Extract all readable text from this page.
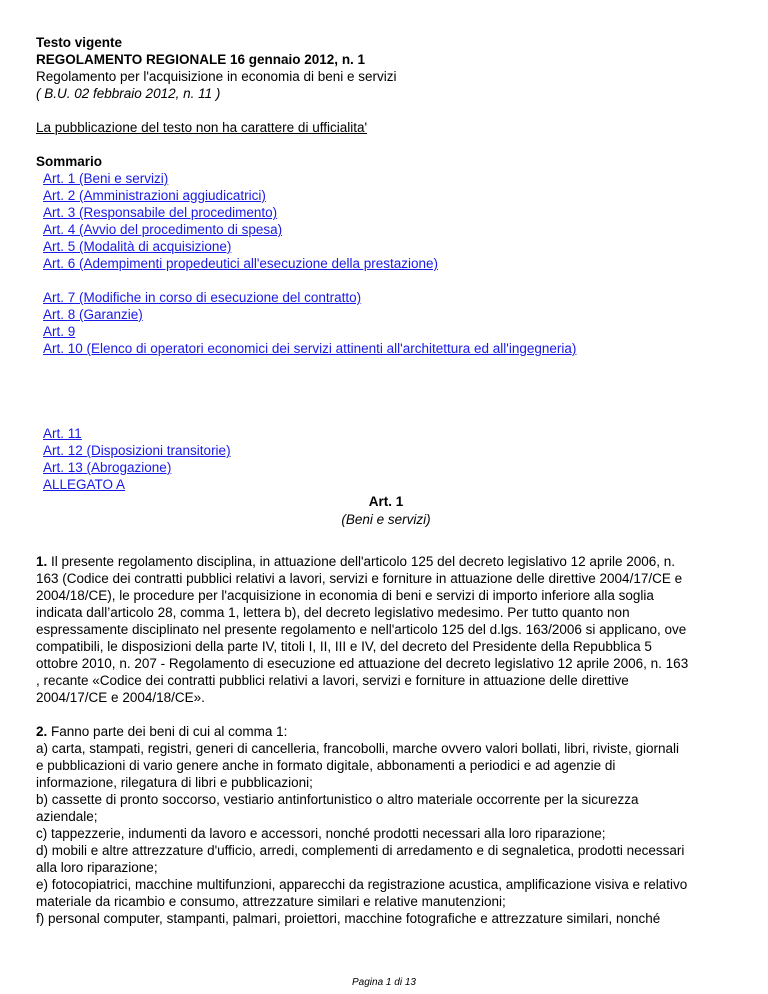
Testo vigente
REGOLAMENTO REGIONALE 16 gennaio 2012, n. 1
Regolamento per l'acquisizione in economia di beni e servizi
( B.U. 02 febbraio 2012, n. 11 )
La pubblicazione del testo non ha carattere di ufficialita'
Sommario
Art. 1 (Beni e servizi)
Art. 2 (Amministrazioni aggiudicatrici)
Art. 3 (Responsabile del procedimento)
Art. 4 (Avvio del procedimento di spesa)
Art. 5 (Modalità di acquisizione)
Art. 6 (Adempimenti propedeutici all'esecuzione della prestazione)
Art. 7 (Modifiche in corso di esecuzione del contratto)
Art. 8 (Garanzie)
Art. 9
Art. 10 (Elenco di operatori economici dei servizi attinenti all'architettura ed all'ingegneria)
Art. 11
Art. 12 (Disposizioni transitorie)
Art. 13 (Abrogazione)
ALLEGATO A
Art. 1
(Beni e servizi)

1. Il presente regolamento disciplina, in attuazione dell'articolo 125 del decreto legislativo 12 aprile 2006, n.
163 (Codice dei contratti pubblici relativi a lavori, servizi e forniture in attuazione delle direttive 2004/17/CE e
2004/18/CE), le procedure per l'acquisizione in economia di beni e servizi di importo inferiore alla soglia
indicata dall’articolo 28, comma 1, lettera b), del decreto legislativo medesimo. Per tutto quanto non
espressamente disciplinato nel presente regolamento e nell'articolo 125 del d.lgs. 163/2006 si applicano, ove
compatibili, le disposizioni della parte IV, titoli I, II, III e IV, del decreto del Presidente della Repubblica 5
ottobre 2010, n. 207 - Regolamento di esecuzione ed attuazione del decreto legislativo 12 aprile 2006, n. 163
, recante «Codice dei contratti pubblici relativi a lavori, servizi e forniture in attuazione delle direttive
2004/17/CE e 2004/18/CE».

2. Fanno parte dei beni di cui al comma 1:

a) carta, stampati, registri, generi di cancelleria, francobolli, marche ovvero valori bollati, libri, riviste, giornali
e pubblicazioni di vario genere anche in formato digitale, abbonamenti a periodici e ad agenzie di
informazione, rilegatura di libri e pubblicazioni;

b) cassette di pronto soccorso, vestiario antinfortunistico o altro materiale occorrente per la sicurezza
aziendale;

c) tappezzerie, indumenti da lavoro e accessori, nonché prodotti necessari alla loro riparazione;

d) mobili e altre attrezzature d'ufficio, arredi, complementi di arredamento e di segnaletica, prodotti necessari
alla loro riparazione;

e) fotocopiatrici, macchine multifunzioni, apparecchi da registrazione acustica, amplificazione visiva e relativo
materiale da ricambio e consumo, attrezzature similari e relative manutenzioni;

f) personal computer, stampanti, palmari, proiettori, macchine fotografiche e attrezzature similari, nonché

Pagina 1 di 13
